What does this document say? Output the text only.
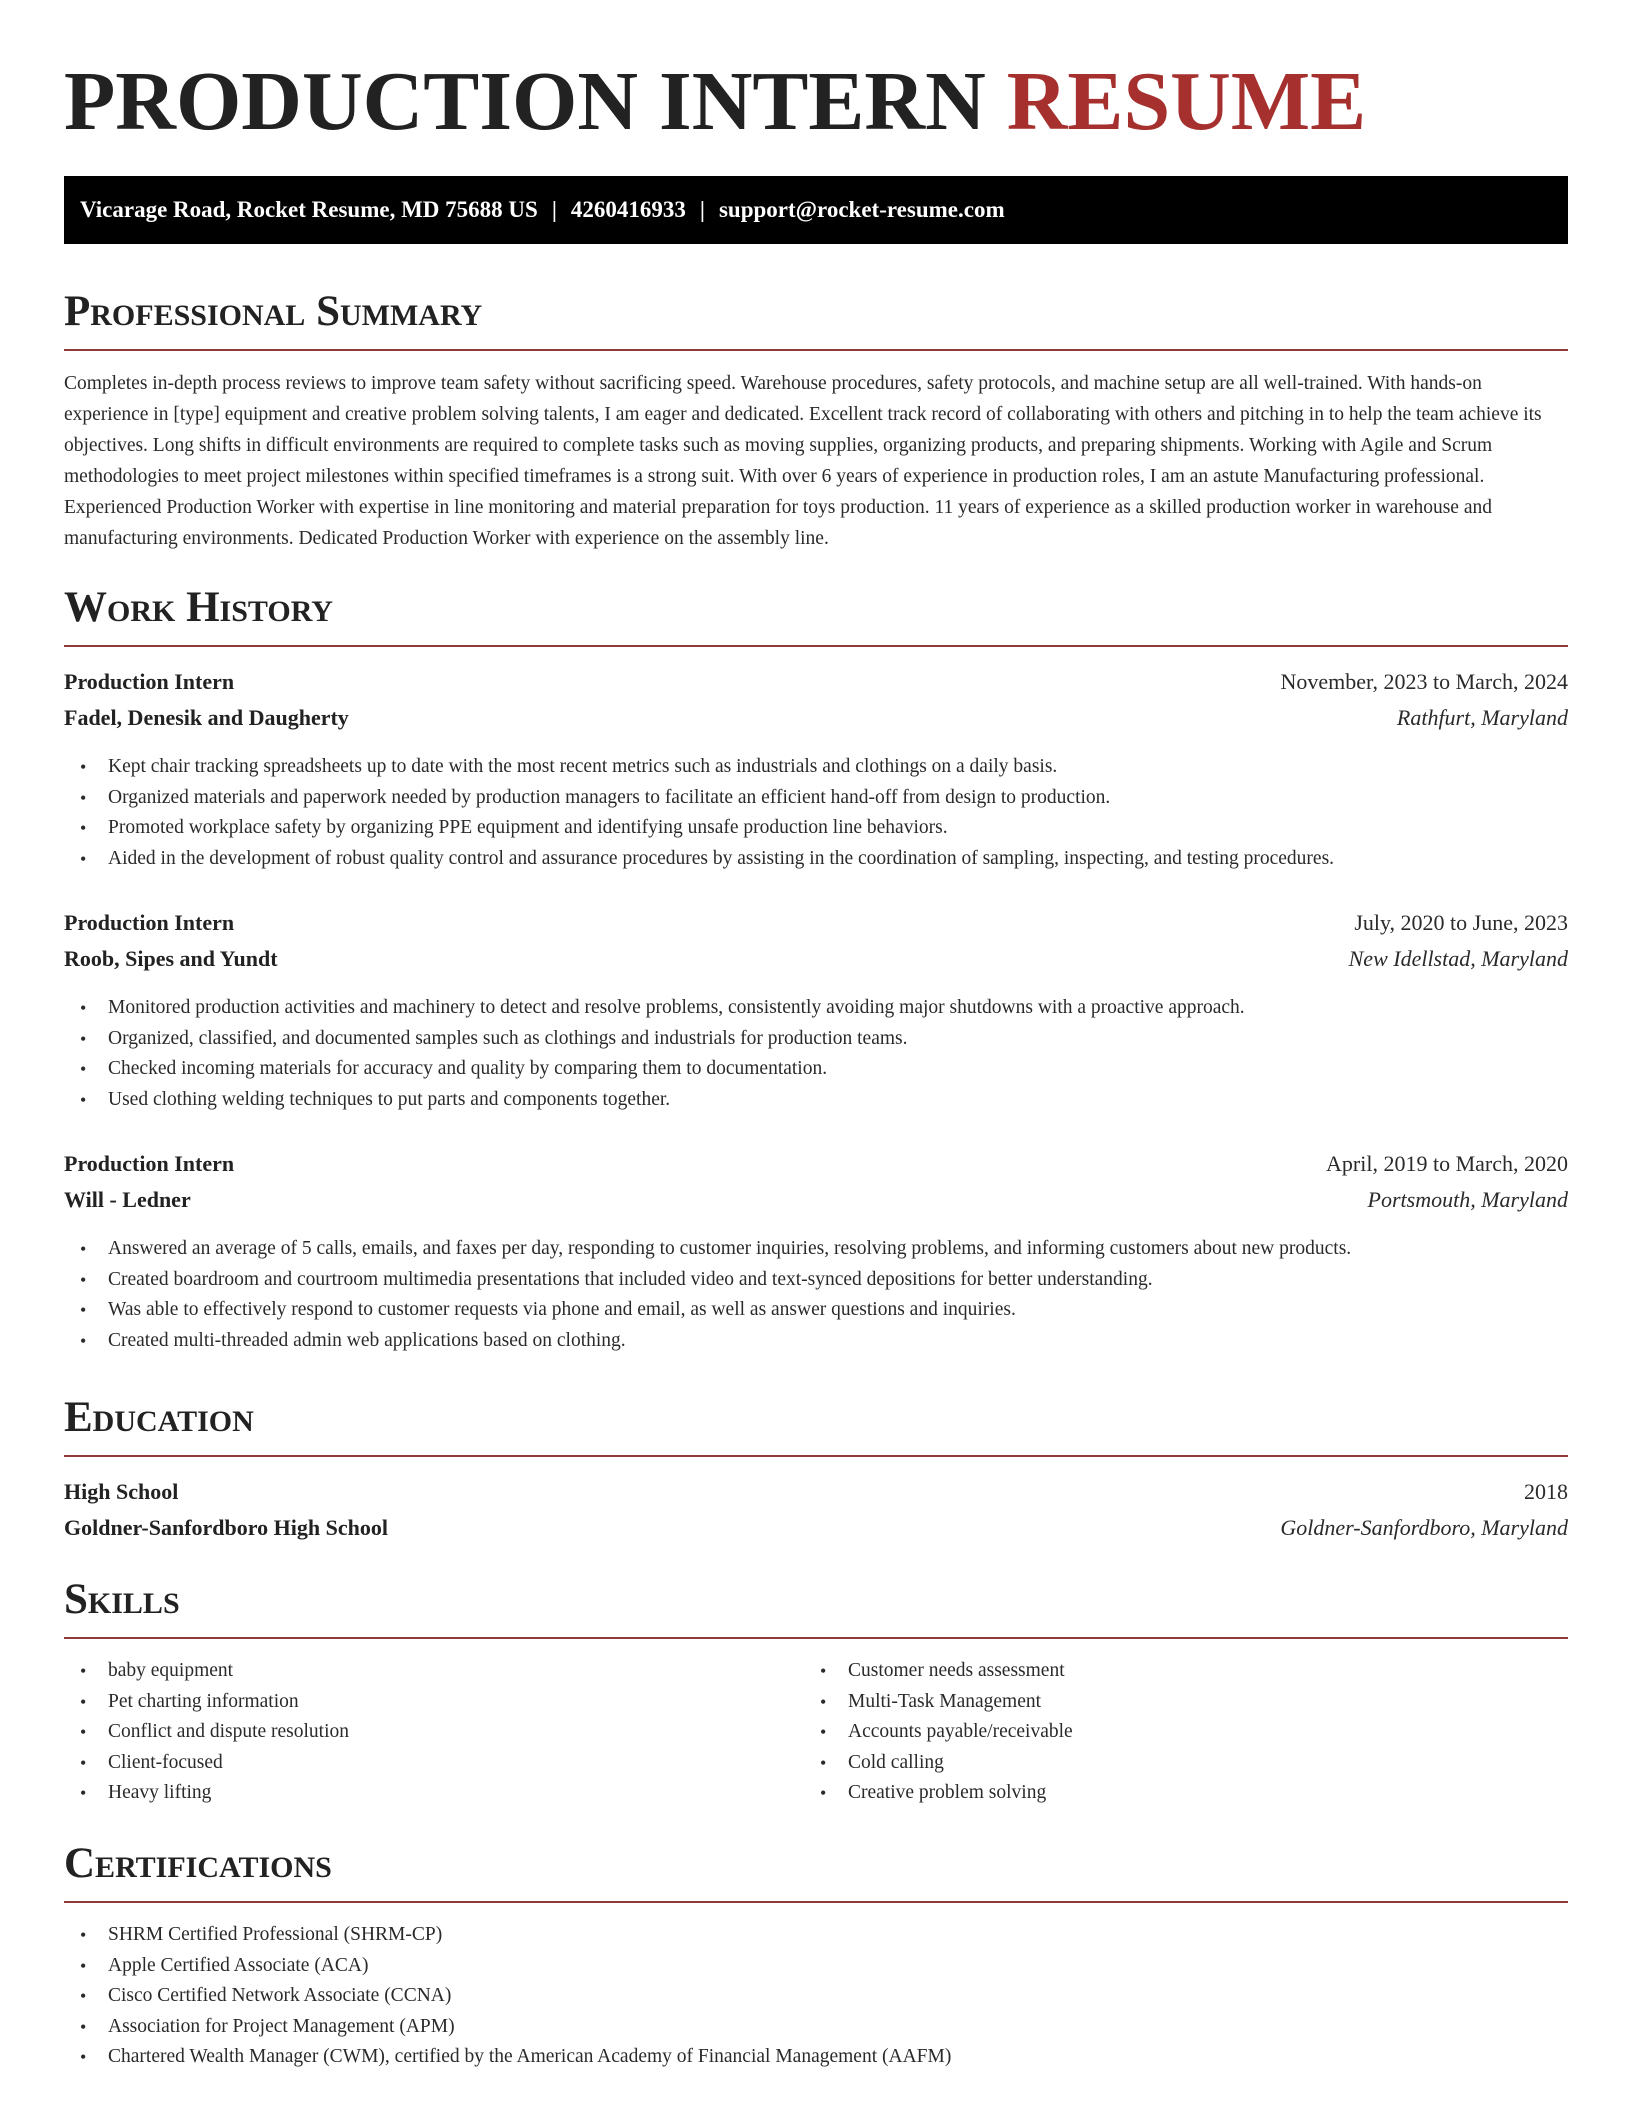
PRODUCTION INTERN RESUME
Vicarage Road, Rocket Resume, MD 75688 US | 4260416933 | support@rocket-resume.com
Professional Summary

Completes in-depth process reviews to improve team safety without sacrificing speed. Warehouse procedures, safety protocols, and machine setup are all well-trained. With hands-on experience in [type] equipment and creative problem solving talents, I am eager and dedicated. Excellent track record of collaborating with others and pitching in to help the team achieve its objectives. Long shifts in difficult environments are required to complete tasks such as moving supplies, organizing products, and preparing shipments. Working with Agile and Scrum methodologies to meet project milestones within specified timeframes is a strong suit. With over 6 years of experience in production roles, I am an astute Manufacturing professional. Experienced Production Worker with expertise in line monitoring and material preparation for toys production. 11 years of experience as a skilled production worker in warehouse and manufacturing environments. Dedicated Production Worker with experience on the assembly line.

Work History
Production Intern	November, 2023 to March, 2024
Fadel, Denesik and Daugherty	Rathfurt, Maryland
• Kept chair tracking spreadsheets up to date with the most recent metrics such as industrials and clothings on a daily basis.
• Organized materials and paperwork needed by production managers to facilitate an efficient hand-off from design to production.
• Promoted workplace safety by organizing PPE equipment and identifying unsafe production line behaviors.
• Aided in the development of robust quality control and assurance procedures by assisting in the coordination of sampling, inspecting, and testing procedures.
Production Intern	July, 2020 to June, 2023
Roob, Sipes and Yundt	New Idellstad, Maryland
• Monitored production activities and machinery to detect and resolve problems, consistently avoiding major shutdowns with a proactive approach.
• Organized, classified, and documented samples such as clothings and industrials for production teams.
• Checked incoming materials for accuracy and quality by comparing them to documentation.
• Used clothing welding techniques to put parts and components together.
Production Intern	April, 2019 to March, 2020
Will - Ledner	Portsmouth, Maryland
• Answered an average of 5 calls, emails, and faxes per day, responding to customer inquiries, resolving problems, and informing customers about new products.
• Created boardroom and courtroom multimedia presentations that included video and text-synced depositions for better understanding.
• Was able to effectively respond to customer requests via phone and email, as well as answer questions and inquiries.
• Created multi-threaded admin web applications based on clothing.
Education
High School	2018
Goldner-Sanfordboro High School	Goldner-Sanfordboro, Maryland
Skills
• baby equipment
• Pet charting information
• Conflict and dispute resolution
• Client-focused
• Heavy lifting
• Customer needs assessment
• Multi-Task Management
• Accounts payable/receivable
• Cold calling
• Creative problem solving
Certifications
• SHRM Certified Professional (SHRM-CP)
• Apple Certified Associate (ACA)
• Cisco Certified Network Associate (CCNA)
• Association for Project Management (APM)
• Chartered Wealth Manager (CWM), certified by the American Academy of Financial Management (AAFM)
